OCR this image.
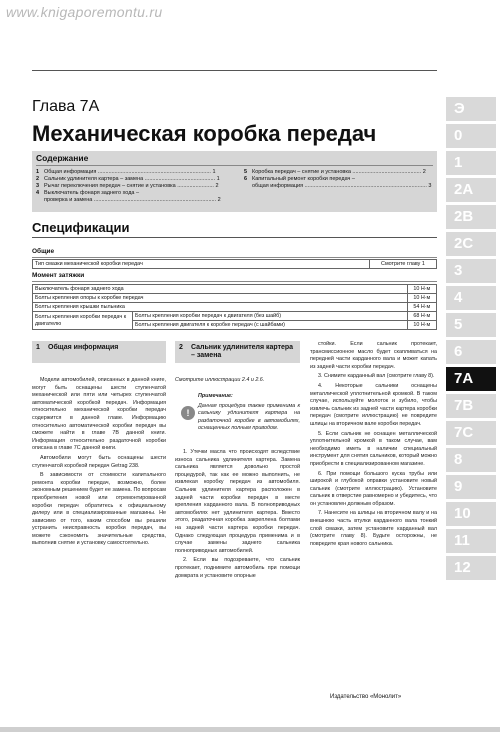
www.knigaporemontu.ru
Глава 7A
Механическая коробка передач
Содержание
1 Общая информация .......................................................................... 1
2 Сальник удлинителя картера – замена .............................................. 1
3 Рычаг переключения передач – снятие и установка ........................ 2
4 Выключатель фонаря заднего хода –
проверка и замена ................................................................................ 2
5 Коробка передач – снятие и установка ............................................. 2
6 Капитальный ремонт коробки передач –
общая информация ................................................................................ 3
Спецификации
Общие
Тип смазки механической коробки передач	Смотрите главу 1
Момент затяжки
Выключатель фонаря заднего хода		10 Н·м
Болты крепления опоры к коробке передач		10 Н·м
Болты крепления крышки пыльника		54 Н·м
Болты крепления коробки передач к двигателю	Болты крепления коробки передач к двигателя (без шайб)	68 Н·м
	Болты крепления двигателя к коробке передач (с шайбами)	10 Н·м
1 Общая информация

Модели автомобилей, описанных в данной книге, могут быть оснащены шести ступенчатой механической или пяти или четырех ступенчатой автоматической коробкой передач. Информация относительно механической коробки передач содержится в данной главе. Информацию относительно автоматической коробки передач вы сможете найти в главе 7B данной книги. Информация относительно раздаточной коробки описана в главе 7C данной книги.

Автомобили могут быть оснащены шести ступенчатой коробкой передач Getrag 238.

В зависимости от стоимости капитального ремонта коробки передач, возможно, более экономным решением будет ее замена. По вопросам приобретения новой или отремонтированной коробки передач обратитесь к официальному дилеру или в специализированные магазины. Не зависимо от того, каким способом вы решили устранить неисправность коробки передач, вы можете сэкономить значительные средства, выполнив снятие и установку самостоятельно.

2 Сальник удлинителя картера – замена

Смотрите иллюстрации 2.4 и 2.6.

!

Примечание:

Данная процедура также применима к сальнику удлинителя картера на раздаточной коробке в автомобилях, оснащенных полным приводом.

1. Утечки масла что происходят вследствие износа сальника удлинителя картера. Замена сальника является довольно простой процедурой, так как ее можно выполнить, не извлекая коробку передач из автомобиля. Сальник удлинителя картера расположен в задней части коробки передач в месте крепления карданного вала. В полноприводных автомобилях нет удлинителя картера. Вместо этого, раздаточная коробка закреплена болтами на задней части картера коробки передач. Однако следующая процедура применима и в случае замены заднего сальника полноприводных автомобилей.

2. Если вы подозреваете, что сальник протекает, поднимите автомобиль при помощи домкрата и установите опорные

стойки. Если сальник протекает, трансмиссионное масло будет скапливаться на передней части карданного вала и может капать из задней части коробки передач.

3. Снимите карданный вал (смотрите главу 8).

4. Некоторые сальники оснащены металлической уплотнительной кромкой. В таком случае, используйте молоток и зубило, чтобы извлечь сальник из задней части картера коробки передач (смотрите иллюстрацию) не повредите шлицы на вторичном вале коробки передач.

5. Если сальник не оснащен металлической уплотнительной кромкой в таком случае, вам необходимо иметь в наличии специальный инструмент для снятия сальников, который можно приобрести в специализированном магазине.

6. При помощи большого куска трубы или широкой и глубокой оправки установите новый сальник (смотрите иллюстрацию). Установите сальник в отверстие равномерно и убедитесь, что он установлен должным образом.

7. Нанесите на шлицы на вторичном валу и на внешнюю часть втулки карданного вала тонкий слой смазки, затем установите карданный вал (смотрите главу 8). Будьте осторожны, не повредите края нового сальника.

Э
0
1
2A
2B
2C
3
4
5
6
7A
7B
7C
8
9
10
11
12
Издательство «Монолит»
